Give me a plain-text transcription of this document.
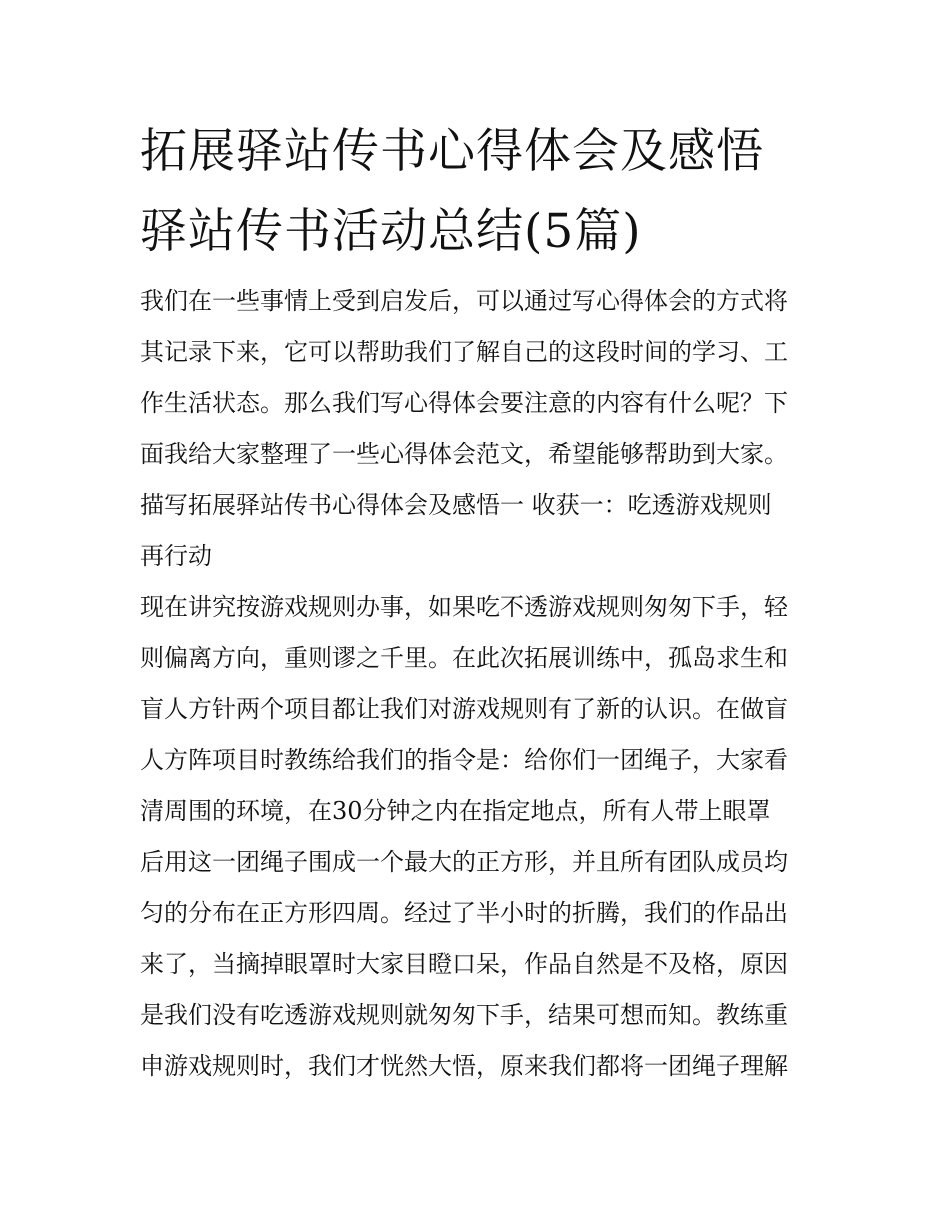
拓展驿站传书心得体会及感悟
驿站传书活动总结(5篇)
我们在一些事情上受到启发后，可以通过写心得体会的方式将
其记录下来，它可以帮助我们了解自己的这段时间的学习、工
作生活状态。那么我们写心得体会要注意的内容有什么呢？下
面我给大家整理了一些心得体会范文，希望能够帮助到大家。
描写拓展驿站传书心得体会及感悟一 收获一：吃透游戏规则
再行动
现在讲究按游戏规则办事，如果吃不透游戏规则匆匆下手，轻
则偏离方向，重则谬之千里。在此次拓展训练中，孤岛求生和
盲人方针两个项目都让我们对游戏规则有了新的认识。在做盲
人方阵项目时教练给我们的指令是：给你们一团绳子，大家看
清周围的环境，在30分钟之内在指定地点，所有人带上眼罩
后用这一团绳子围成一个最大的正方形，并且所有团队成员均
匀的分布在正方形四周。经过了半小时的折腾，我们的作品出
来了，当摘掉眼罩时大家目瞪口呆，作品自然是不及格，原因
是我们没有吃透游戏规则就匆匆下手，结果可想而知。教练重
申游戏规则时，我们才恍然大悟，原来我们都将一团绳子理解
